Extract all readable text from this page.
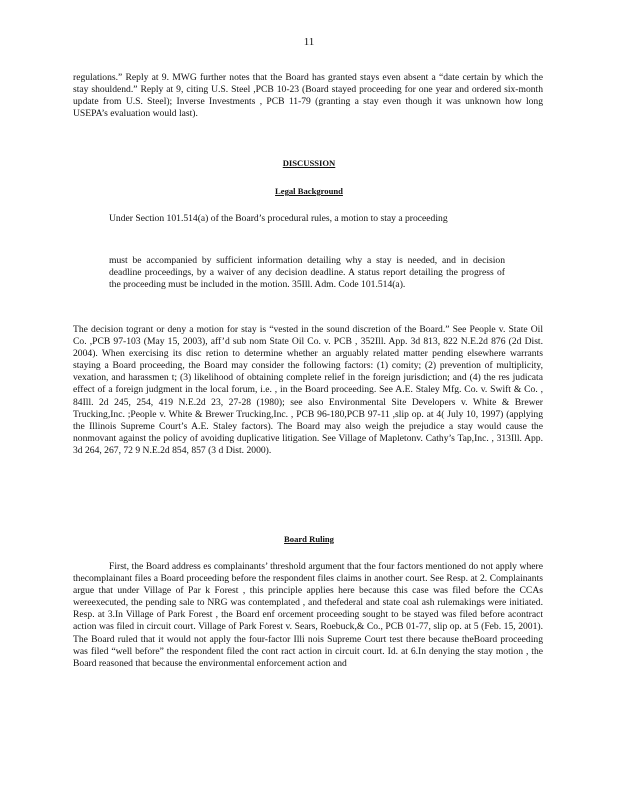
11

regulations.” Reply at 9. MWG further notes that the Board has granted stays even absent a “date certain by which the stay shouldend.” Reply at 9, citing U.S. Steel ,PCB 10-23 (Board stayed proceeding for one year and ordered six-month update from U.S. Steel); Inverse Investments , PCB 11-79 (granting a stay even though it was unknown how long USEPA’s evaluation would last).

DISCUSSION
Legal Background

Under Section 101.514(a) of the Board’s procedural rules, a motion to stay a proceeding

must be accompanied by sufficient information detailing why a stay is needed, and in decision deadline proceedings, by a waiver of any decision deadline. A status report detailing the progress of the proceeding must be included in the motion. 35Ill. Adm. Code 101.514(a).

The decision togrant or deny a motion for stay is “vested in the sound discretion of the Board.” See People v. State Oil Co. ,PCB 97-103 (May 15, 2003), aff’d sub nom State Oil Co. v. PCB , 352Ill. App. 3d 813, 822 N.E.2d 876 (2d Dist. 2004). When exercising its disc retion to determine whether an arguably related matter pending elsewhere warrants staying a Board proceeding, the Board may consider the following factors: (1) comity; (2) prevention of multiplicity, vexation, and harassmen t; (3) likelihood of obtaining complete relief in the foreign jurisdiction; and (4) the res judicata effect of a foreign judgment in the local forum, i.e. , in the Board proceeding. See A.E. Staley Mfg. Co. v. Swift & Co. , 84Ill. 2d 245, 254, 419 N.E.2d 23, 27-28 (1980); see also Environmental Site Developers v. White & Brewer Trucking,Inc. ;People v. White & Brewer Trucking,Inc. , PCB 96-180,PCB 97-11 ,slip op. at 4( July 10, 1997) (applying the Illinois Supreme Court’s A.E. Staley factors). The Board may also weigh the prejudice a stay would cause the nonmovant against the policy of avoiding duplicative litigation. See Village of Mapletonv. Cathy’s Tap,Inc. , 313Ill. App. 3d 264, 267, 72 9 N.E.2d 854, 857 (3 d Dist. 2000).

Board Ruling

First, the Board address es complainants’ threshold argument that the four factors mentioned do not apply where thecomplainant files a Board proceeding before the respondent files claims in another court. See Resp. at 2. Complainants argue that under Village of Par k Forest , this principle applies here because this case was filed before the CCAs wereexecuted, the pending sale to NRG was contemplated , and thefederal and state coal ash rulemakings were initiated. Resp. at 3.In Village of Park Forest , the Board enf orcement proceeding sought to be stayed was filed before acontract action was filed in circuit court. Village of Park Forest v. Sears, Roebuck,& Co., PCB 01-77, slip op. at 5 (Feb. 15, 2001). The Board ruled that it would not apply the four-factor Illi nois Supreme Court test there because theBoard proceeding was filed “well before” the respondent filed the cont ract action in circuit court. Id. at 6.In denying the stay motion , the Board reasoned that because the environmental enforcement action and
